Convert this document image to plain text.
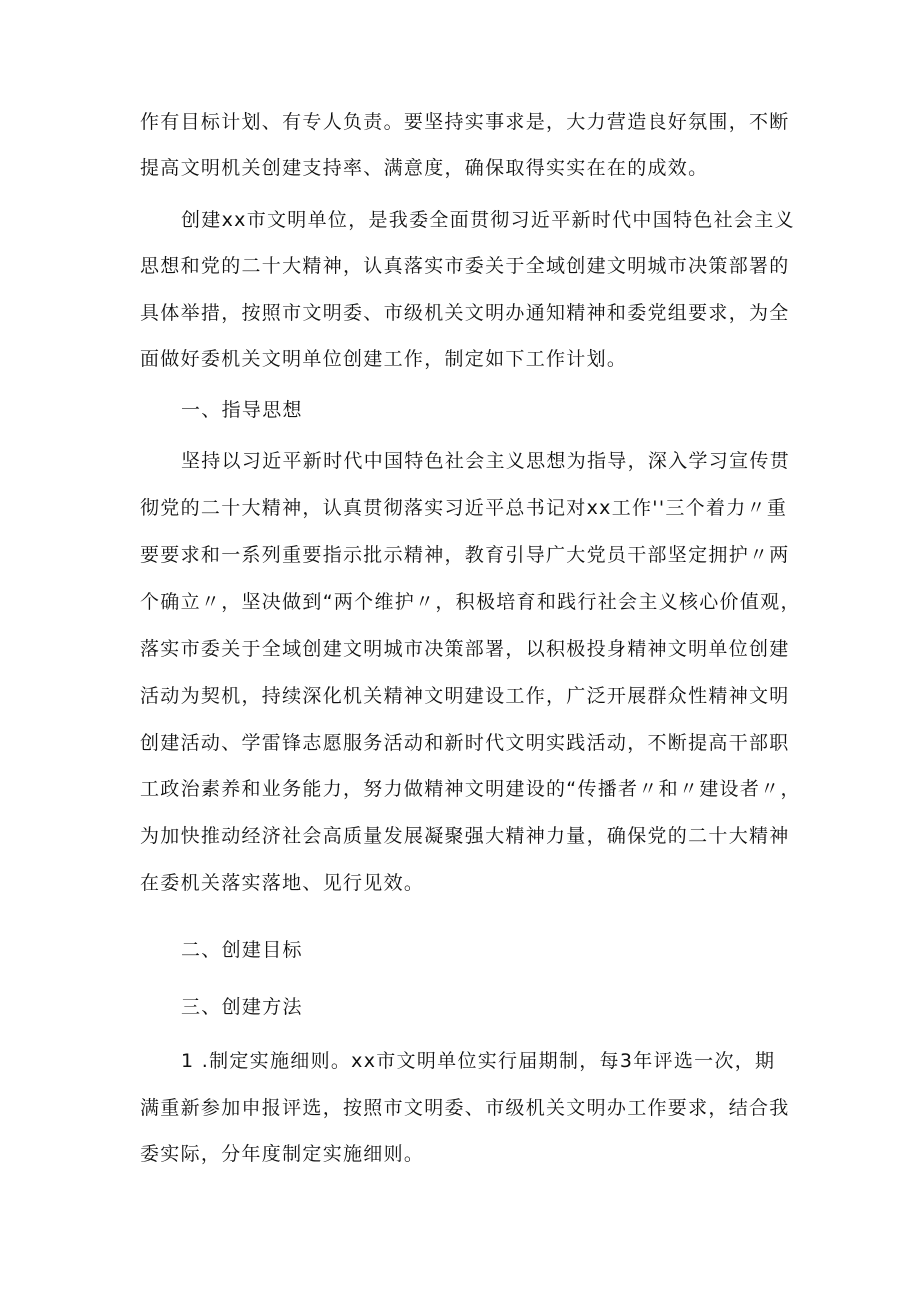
作有目标计划、有专人负责。要坚持实事求是，大力营造良好氛围，不断
提高文明机关创建支持率、满意度，确保取得实实在在的成效。
创建xx市文明单位，是我委全面贯彻习近平新时代中国特色社会主义
思想和党的二十大精神，认真落实市委关于全域创建文明城市决策部署的
具体举措，按照市文明委、市级机关文明办通知精神和委党组要求，为全
面做好委机关文明单位创建工作，制定如下工作计划。
一、指导思想
坚持以习近平新时代中国特色社会主义思想为指导，深入学习宣传贯
彻党的二十大精神，认真贯彻落实习近平总书记对xx工作''三个着力〃重
要要求和一系列重要指示批示精神，教育引导广大党员干部坚定拥护〃两
个确立〃，坚决做到“两个维护〃，积极培育和践行社会主义核心价值观，
落实市委关于全域创建文明城市决策部署，以积极投身精神文明单位创建
活动为契机，持续深化机关精神文明建设工作，广泛开展群众性精神文明
创建活动、学雷锋志愿服务活动和新时代文明实践活动，不断提高干部职
工政治素养和业务能力，努力做精神文明建设的“传播者〃和〃建设者〃，
为加快推动经济社会高质量发展凝聚强大精神力量，确保党的二十大精神
在委机关落实落地、见行见效。
二、创建目标
三、创建方法
1 .制定实施细则。xx市文明单位实行届期制，每3年评选一次，期
满重新参加申报评选，按照市文明委、市级机关文明办工作要求，结合我
委实际，分年度制定实施细则。
